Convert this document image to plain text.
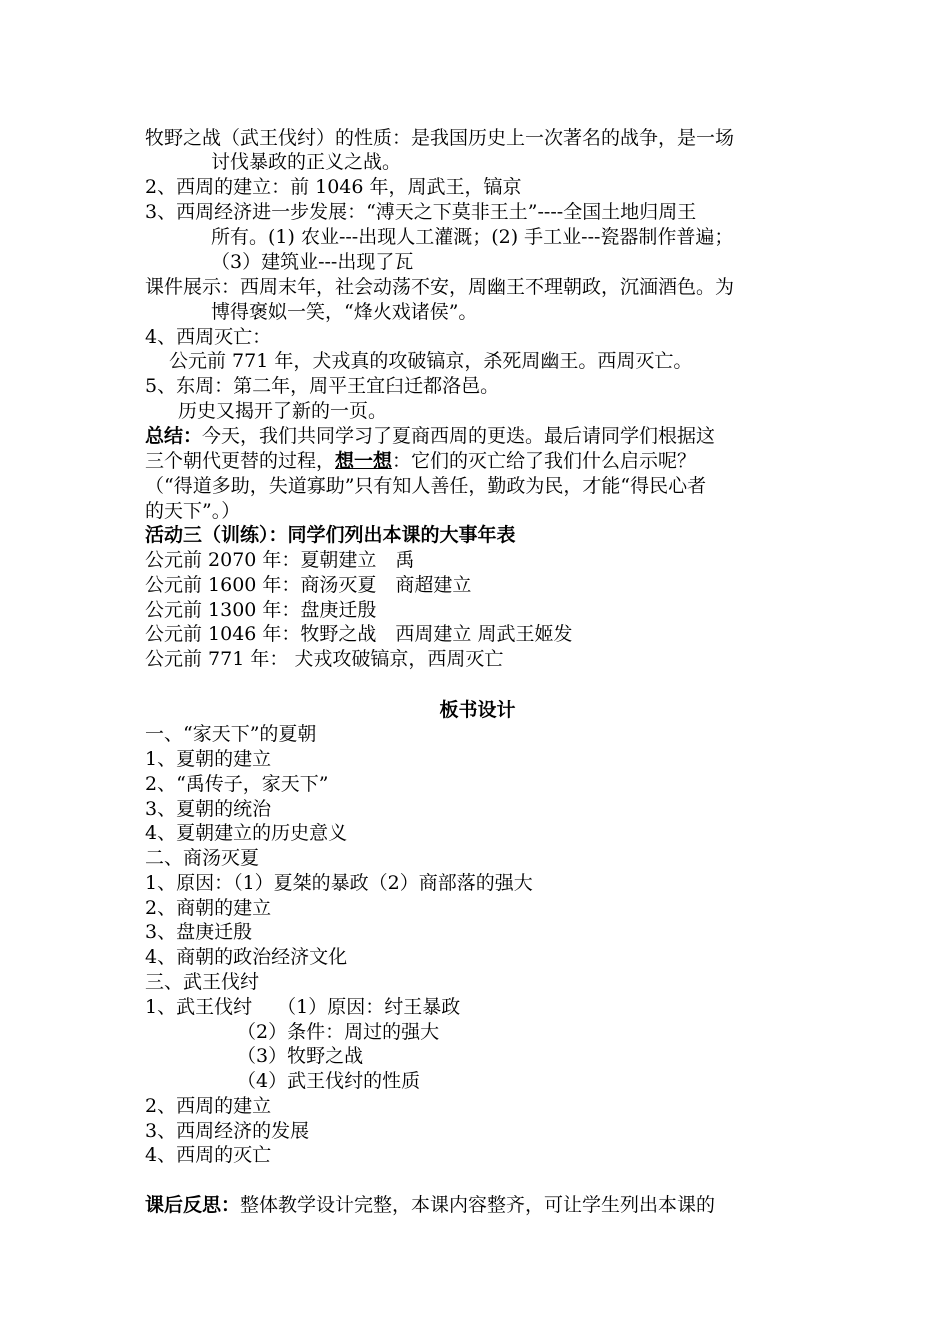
牧野之战（武王伐纣）的性质：是我国历史上一次著名的战争，是一场
讨伐暴政的正义之战。
2、西周的建立：前 1046 年，周武王，镐京
3、西周经济进一步发展：“溥天之下莫非王土”----全国土地归周王
所有。(1) 农业---出现人工灌溉；(2) 手工业---瓷器制作普遍；
（3）建筑业---出现了瓦
课件展示：西周末年，社会动荡不安，周幽王不理朝政，沉湎酒色。为
博得褒姒一笑，“烽火戏诸侯”。
4、西周灭亡：
公元前 771 年，犬戎真的攻破镐京，杀死周幽王。西周灭亡。
5、东周：第二年，周平王宜臼迁都洛邑。
历史又揭开了新的一页。
总结：今天，我们共同学习了夏商西周的更迭。最后请同学们根据这
三个朝代更替的过程，想一想：它们的灭亡给了我们什么启示呢？
（“得道多助，失道寡助”只有知人善任，勤政为民，才能“得民心者
的天下”。）
活动三（训练）：同学们列出本课的大事年表
公元前 2070 年：夏朝建立　禹
公元前 1600 年：商汤灭夏　商超建立
公元前 1300 年：盘庚迁殷
公元前 1046 年：牧野之战　西周建立 周武王姬发
公元前 771 年： 犬戎攻破镐京，西周灭亡
板书设计
一、“家天下”的夏朝
1、夏朝的建立
2、“禹传子，家天下”
3、夏朝的统治
4、夏朝建立的历史意义
二、商汤灭夏
1、原因：（1）夏桀的暴政（2）商部落的强大
2、商朝的建立
3、盘庚迁殷
4、商朝的政治经济文化
三、武王伐纣
1、武王伐纣　 （1）原因：纣王暴政
（2）条件：周过的强大
（3）牧野之战
（4）武王伐纣的性质
2、西周的建立
3、西周经济的发展
4、西周的灭亡
课后反思：整体教学设计完整，本课内容整齐，可让学生列出本课的
